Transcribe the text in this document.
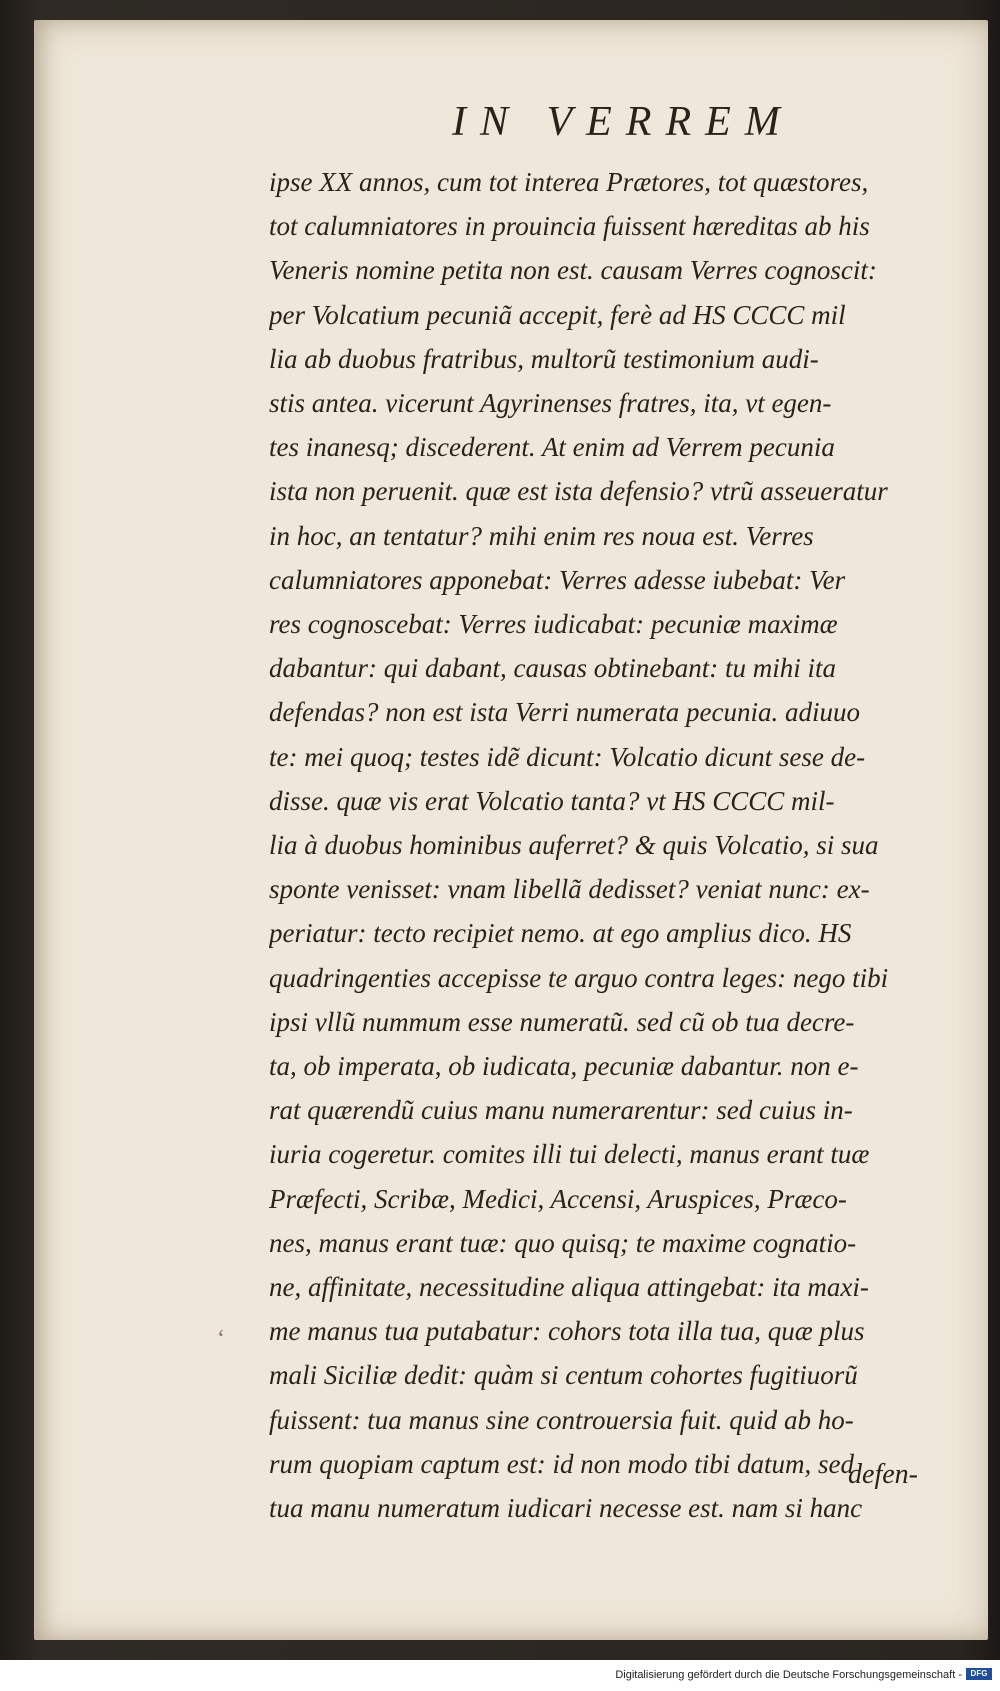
IN VERREM
ipse XX annos, cum tot interea Prætores, tot quæstores,
tot calumniatores in prouincia fuissent hæreditas ab his
Veneris nomine petita non est. causam Verres cognoscit:
per Volcatium pecuniã accepit, ferè ad HS CCCC mil
lia ab duobus fratribus, multorũ testimonium audi-
stis antea. vicerunt Agyrinenses fratres, ita, vt egen-
tes inanesq; discederent. At enim ad Verrem pecunia
ista non peruenit. quæ est ista defensio? vtrũ asseueratur
in hoc, an tentatur? mihi enim res noua est. Verres
calumniatores apponebat: Verres adesse iubebat: Ver
res cognoscebat: Verres iudicabat: pecuniæ maximæ
dabantur: qui dabant, causas obtinebant: tu mihi ita
defendas? non est ista Verri numerata pecunia. adiuuo
te: mei quoq; testes idẽ dicunt: Volcatio dicunt sese de-
disse. quæ vis erat Volcatio tanta? vt HS CCCC mil-
lia à duobus hominibus auferret? & quis Volcatio, si sua
sponte venisset: vnam libellã dedisset? veniat nunc: ex-
periatur: tecto recipiet nemo. at ego amplius dico. HS
quadringenties accepisse te arguo contra leges: nego tibi
ipsi vllũ nummum esse numeratũ. sed cũ ob tua decre-
ta, ob imperata, ob iudicata, pecuniæ dabantur. non e-
rat quærendũ cuius manu numerarentur: sed cuius in-
iuria cogeretur. comites illi tui delecti, manus erant tuæ
Præfecti, Scribæ, Medici, Accensi, Aruspices, Præco-
nes, manus erant tuæ: quo quisq; te maxime cognatio-
ne, affinitate, necessitudine aliqua attingebat: ita maxi-
me manus tua putabatur: cohors tota illa tua, quæ plus
mali Siciliæ dedit: quàm si centum cohortes fugitiuorũ
fuissent: tua manus sine controuersia fuit. quid ab ho-
rum quopiam captum est: id non modo tibi datum, sed
tua manu numeratum iudicari necesse est. nam si hanc
ʻ
defen-
Digitalisierung gefördert durch die Deutsche Forschungsgemeinschaft -	DFG
